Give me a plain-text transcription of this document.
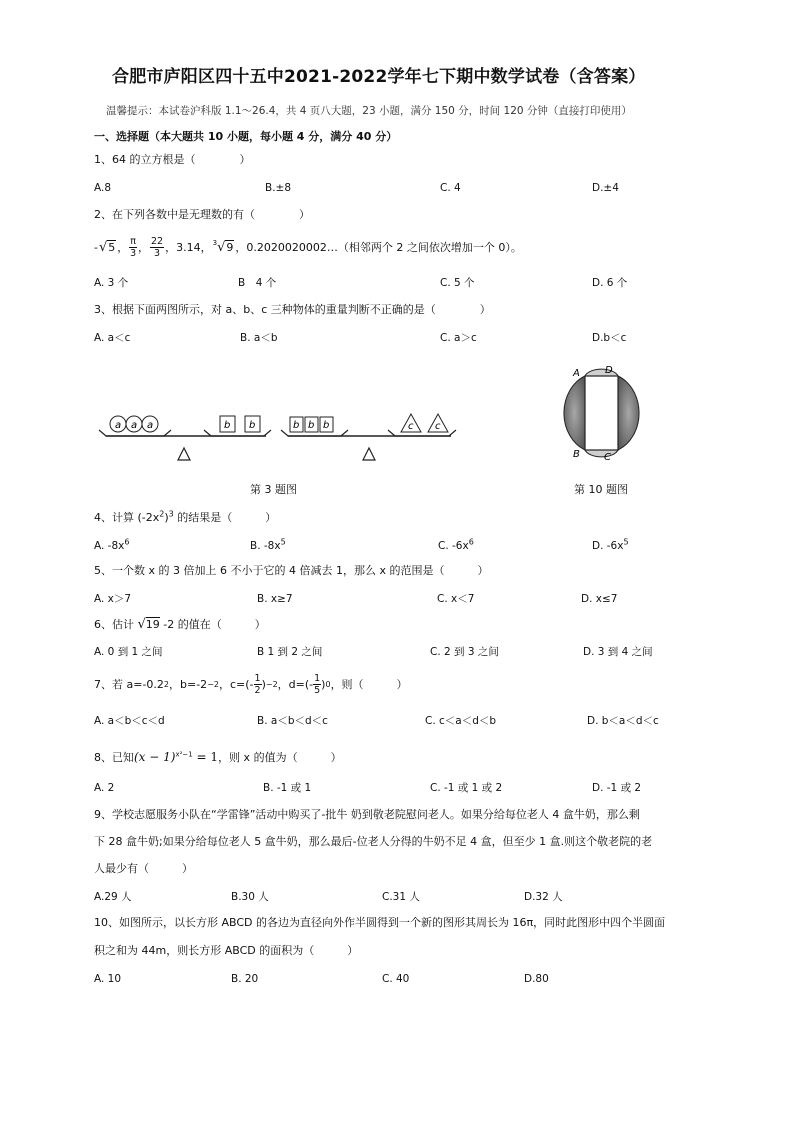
合肥市庐阳区四十五中2021-2022学年七下期中数学试卷（含答案）
温馨提示：本试卷沪科版 1.1～26.4，共 4 页八大题，23 小题，满分 150 分，时间 120 分钟（直接打印使用）
一、选择题（本大题共 10 小题，每小题 4 分，满分 40 分）
1、64 的立方根是（　　　　）
A.8	B.±8	C. 4	D.±4
2、在下列各数中是无理数的有（　　　　）
- √ 5 ， $\frac{\pi}{3}$ ， $\frac{22}{3}$ ，3.14，$^3$ √ 9 ，0.2020020002…（相邻两个 2 之间依次增加一个 0）。
A. 3 个	B　4 个	C. 5 个	D. 6 个
3、根据下面两图所示，对 a、b、c 三种物体的重量判断不正确的是（　　　　）
A. a＜c	B. a＜b	C. a＞c	D.b＜c
a a a	b b	b b b	c c
第 3 题图
A	D
B C
第 10 题图
4、计算 $(-2x^2)^3$ 的结果是（　　　）
A. $-8x^6$	B. $-8x^5$	C. $-6x^6$	D. $-6x^5$
5、一个数 x 的 3 倍加上 6 不小于它的 4 倍减去 1，那么 x 的范围是（　　　）
A. x＞7	B. x≥7	C. x＜7	D. x≤7
6、估计 √19 -2 的值在（　　　）
A. 0 到 1 之间	B 1 到 2 之间	C. 2 到 3 之间	D. 3 到 4 之间
7、若 a=-0.2 2 ，b=-2 −2 ，$c=(- \frac{1}{2}$ ) −2 ，$d=(- \frac{1}{5}$ ) 0 ，则（　　　）
A. a＜b＜c＜d	B. a＜b＜d＜c	C. c＜a＜d＜b	D. b＜a＜d＜c
8、已知$(x - 1)^{x^2-1} = 1$，则 x 的值为（　　　）
A. 2	B. -1 或 1	C. -1 或 1 或 2	D. -1 或 2
9、学校志愿服务小队在“学雷锋”活动中购买了-批牛 奶到敬老院慰问老人。如果分给每位老人 4 盒牛奶，那么剩
下 28 盒牛奶;如果分给每位老人 5 盒牛奶，那么最后-位老人分得的牛奶不足 4 盒，但至少 1 盒.则这个敬老院的老
人最少有（　　　）
A.29 人	B.30 人	C.31 人	D.32 人
10、如图所示，以长方形 ABCD 的各边为直径向外作半圆得到一个新的图形其周长为 16π，同时此图形中四个半圆面
积之和为 44m，则长方形 ABCD 的面积为（　　　）
A. 10	B. 20	C. 40	D.80
